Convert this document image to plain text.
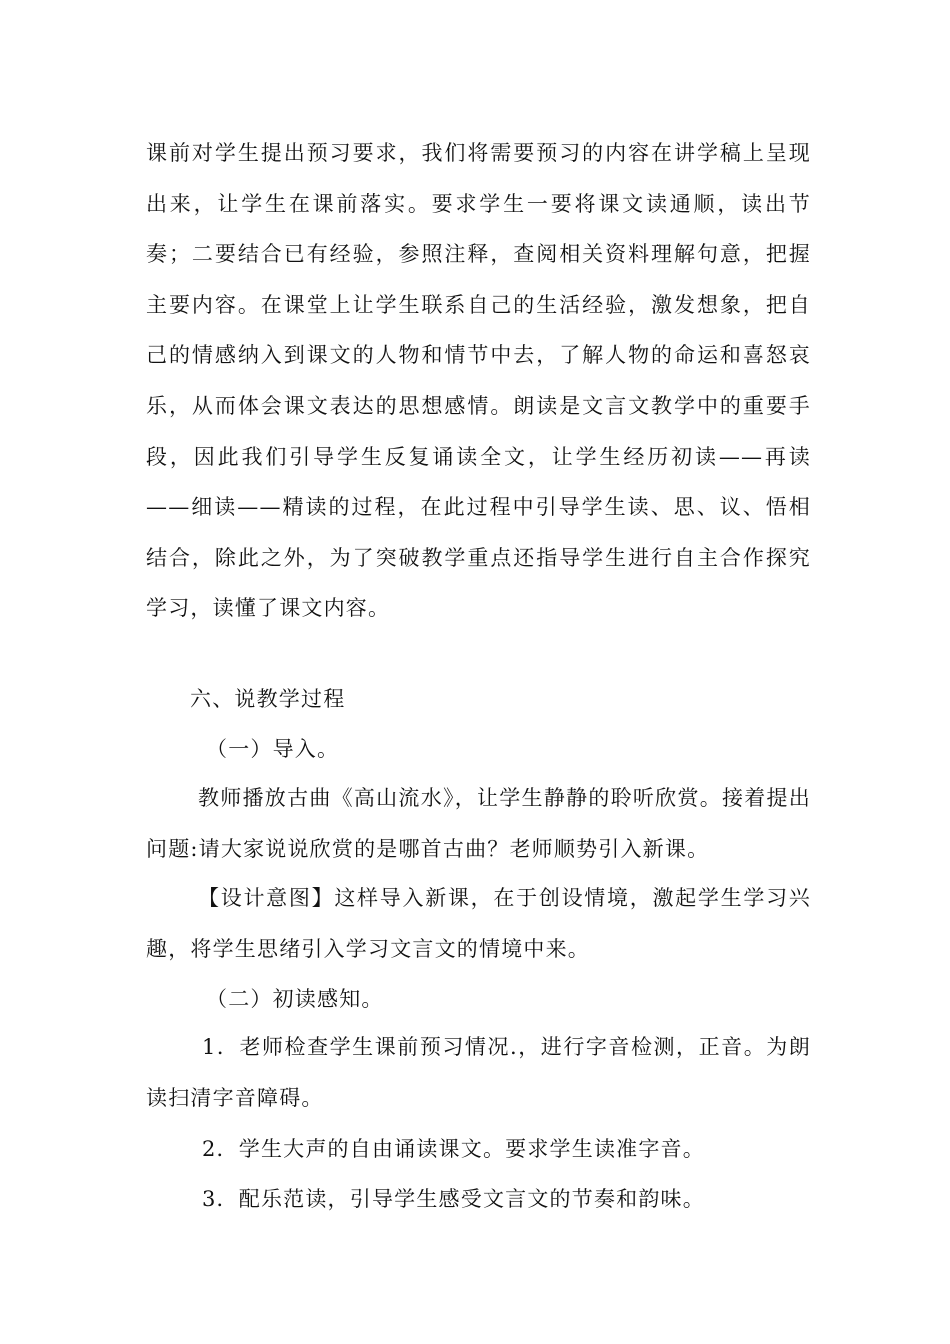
课前对学生提出预习要求，我们将需要预习的内容在讲学稿上呈现出来，让学生在课前落实。要求学生一要将课文读通顺，读出节奏；二要结合已有经验，参照注释，查阅相关资料理解句意，把握主要内容。在课堂上让学生联系自己的生活经验，激发想象，把自己的情感纳入到课文的人物和情节中去，了解人物的命运和喜怒哀乐，从而体会课文表达的思想感情。朗读是文言文教学中的重要手段，因此我们引导学生反复诵读全文，让学生经历初读——再读——细读——精读的过程，在此过程中引导学生读、思、议、悟相结合，除此之外，为了突破教学重点还指导学生进行自主合作探究学习，读懂了课文内容。

六、说教学过程

（一）导入。

教师播放古曲《高山流水》，让学生静静的聆听欣赏。接着提出问题:请大家说说欣赏的是哪首古曲？老师顺势引入新课。

【设计意图】这样导入新课，在于创设情境，激起学生学习兴趣，将学生思绪引入学习文言文的情境中来。

（二）初读感知。

1．老师检查学生课前预习情况.，进行字音检测，正音。为朗读扫清字音障碍。

2．学生大声的自由诵读课文。要求学生读准字音。

3．配乐范读，引导学生感受文言文的节奏和韵味。
